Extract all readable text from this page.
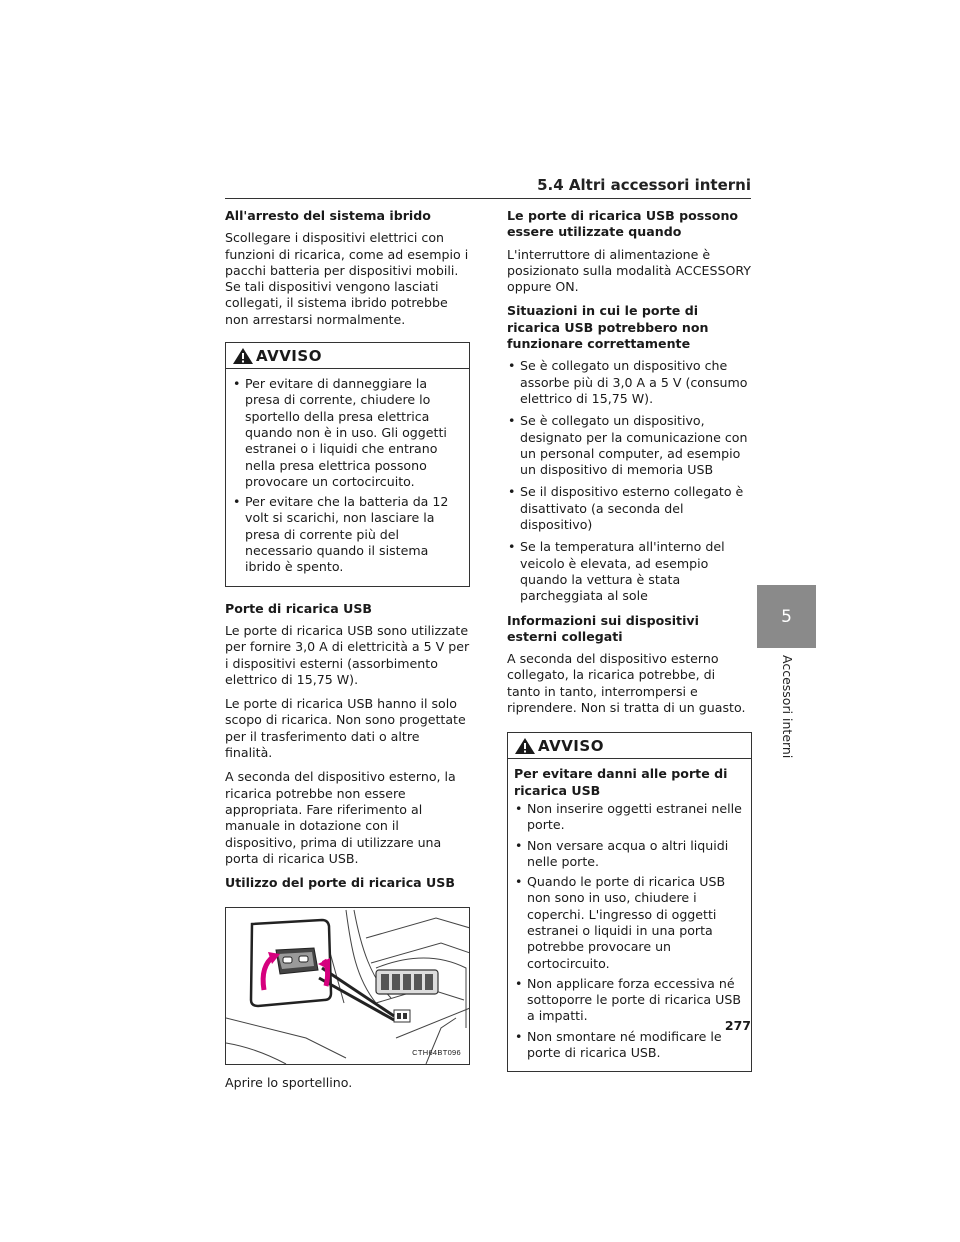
5.4 Altri accessori interni

All'arresto del sistema ibrido

Scollegare i dispositivi elettrici con funzioni di ricarica, come ad esempio i pacchi batteria per dispositivi mobili. Se tali dispositivi vengono lasciati collegati, il sistema ibrido potrebbe non arrestarsi normalmente.

AVVISO
• Per evitare di danneggiare la presa di corrente, chiudere lo sportello della presa elettrica quando non è in uso. Gli oggetti estranei o i liquidi che entrano nella presa elettrica possono provocare un cortocircuito.
• Per evitare che la batteria da 12 volt si scarichi, non lasciare la presa di corrente più del necessario quando il sistema ibrido è spento.

Porte di ricarica USB

Le porte di ricarica USB sono utilizzate per fornire 3,0 A di elettricità a 5 V per i dispositivi esterni (assorbimento elettrico di 15,75 W).

Le porte di ricarica USB hanno il solo scopo di ricarica. Non sono progettate per il trasferimento dati o altre finalità.

A seconda del dispositivo esterno, la ricarica potrebbe non essere appropriata. Fare riferimento al manuale in dotazione con il dispositivo, prima di utilizzare una porta di ricarica USB.

Utilizzo del porte di ricarica USB

CTH64BT096

Aprire lo sportellino.

Le porte di ricarica USB possono essere utilizzate quando

L'interruttore di alimentazione è posizionato sulla modalità ACCESSORY oppure ON.

Situazioni in cui le porte di ricarica USB potrebbero non funzionare correttamente

• Se è collegato un dispositivo che assorbe più di 3,0 A a 5 V (consumo elettrico di 15,75 W).
• Se è collegato un dispositivo, designato per la comunicazione con un personal computer, ad esempio un dispositivo di memoria USB
• Se il dispositivo esterno collegato è disattivato (a seconda del dispositivo)
• Se la temperatura all'interno del veicolo è elevata, ad esempio quando la vettura è stata parcheggiata al sole

Informazioni sui dispositivi esterni collegati

A seconda del dispositivo esterno collegato, la ricarica potrebbe, di tanto in tanto, interrompersi e riprendere. Non si tratta di un guasto.

AVVISO

Per evitare danni alle porte di ricarica USB

• Non inserire oggetti estranei nelle porte.
• Non versare acqua o altri liquidi nelle porte.
• Quando le porte di ricarica USB non sono in uso, chiudere i coperchi. L'ingresso di oggetti estranei o liquidi in una porta potrebbe provocare un cortocircuito.
• Non applicare forza eccessiva né sottoporre le porte di ricarica USB a impatti.
• Non smontare né modificare le porte di ricarica USB.
5
Accessori interni
277
